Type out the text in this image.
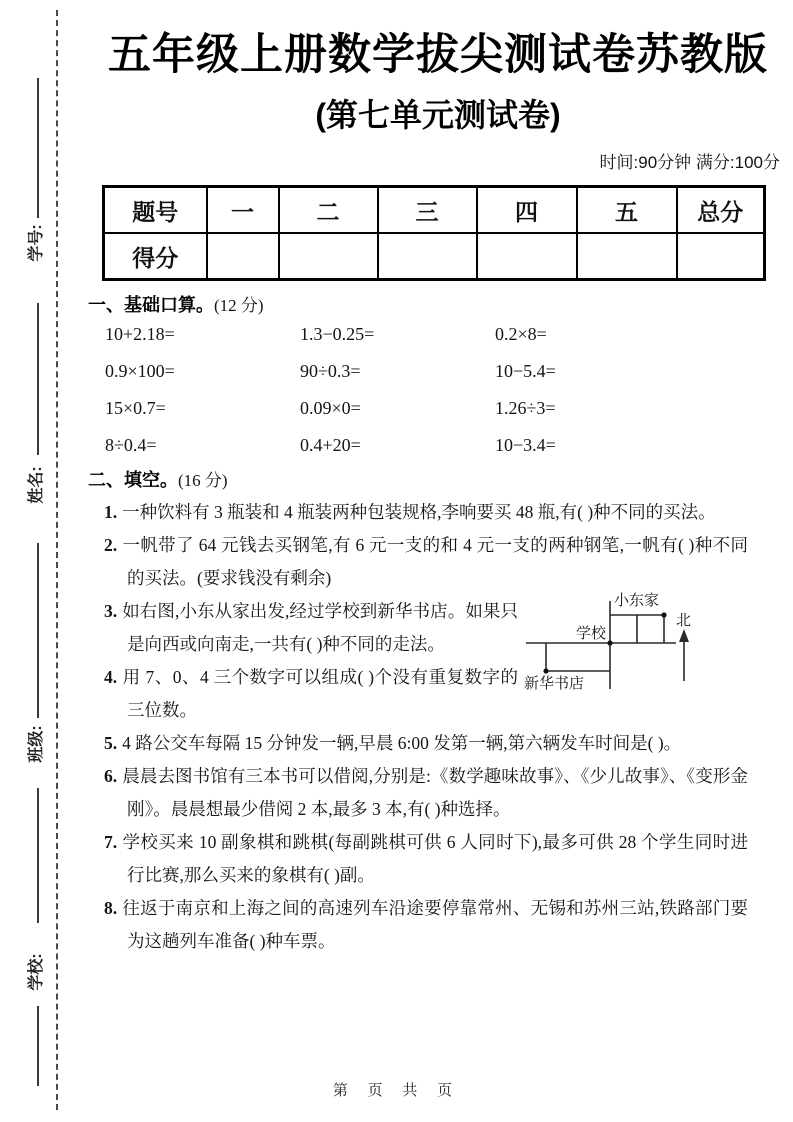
学号:
姓名:
班级:
学校:
五年级上册数学拔尖测试卷苏教版
(第七单元测试卷)
时间:90分钟 满分:100分
题号	一	二	三	四	五	总分
得分						
一、基础口算。(12 分)
10+2.18=	1.3−0.25=	0.2×8=
0.9×100=	90÷0.3=	10−5.4=
15×0.7=	0.09×0=	1.26÷3=
8÷0.4=	0.4+20=	10−3.4=
二、填空。(16 分)
1. 一种饮料有 3 瓶装和 4 瓶装两种包装规格,李响要买 48 瓶,有( )种不同的买法。
2. 一帆带了 64 元钱去买钢笔,有 6 元一支的和 4 元一支的两种钢笔,一帆有( )种不同的买法。(要求钱没有剩余)
3. 如右图,小东从家出发,经过学校到新华书店。如果只是向西或向南走,一共有( )种不同的走法。
4. 用 7、0、4 三个数字可以组成( )个没有重复数字的三位数。
小东家
学校
新华书店
北
5. 4 路公交车每隔 15 分钟发一辆,早晨 6:00 发第一辆,第六辆发车时间是( )。
6. 晨晨去图书馆有三本书可以借阅,分别是:《数学趣味故事》、《少儿故事》、《变形金刚》。晨晨想最少借阅 2 本,最多 3 本,有( )种选择。
7. 学校买来 10 副象棋和跳棋(每副跳棋可供 6 人同时下),最多可供 28 个学生同时进行比赛,那么买来的象棋有( )副。
8. 往返于南京和上海之间的高速列车沿途要停靠常州、无锡和苏州三站,铁路部门要为这趟列车准备( )种车票。
第 页 共 页
